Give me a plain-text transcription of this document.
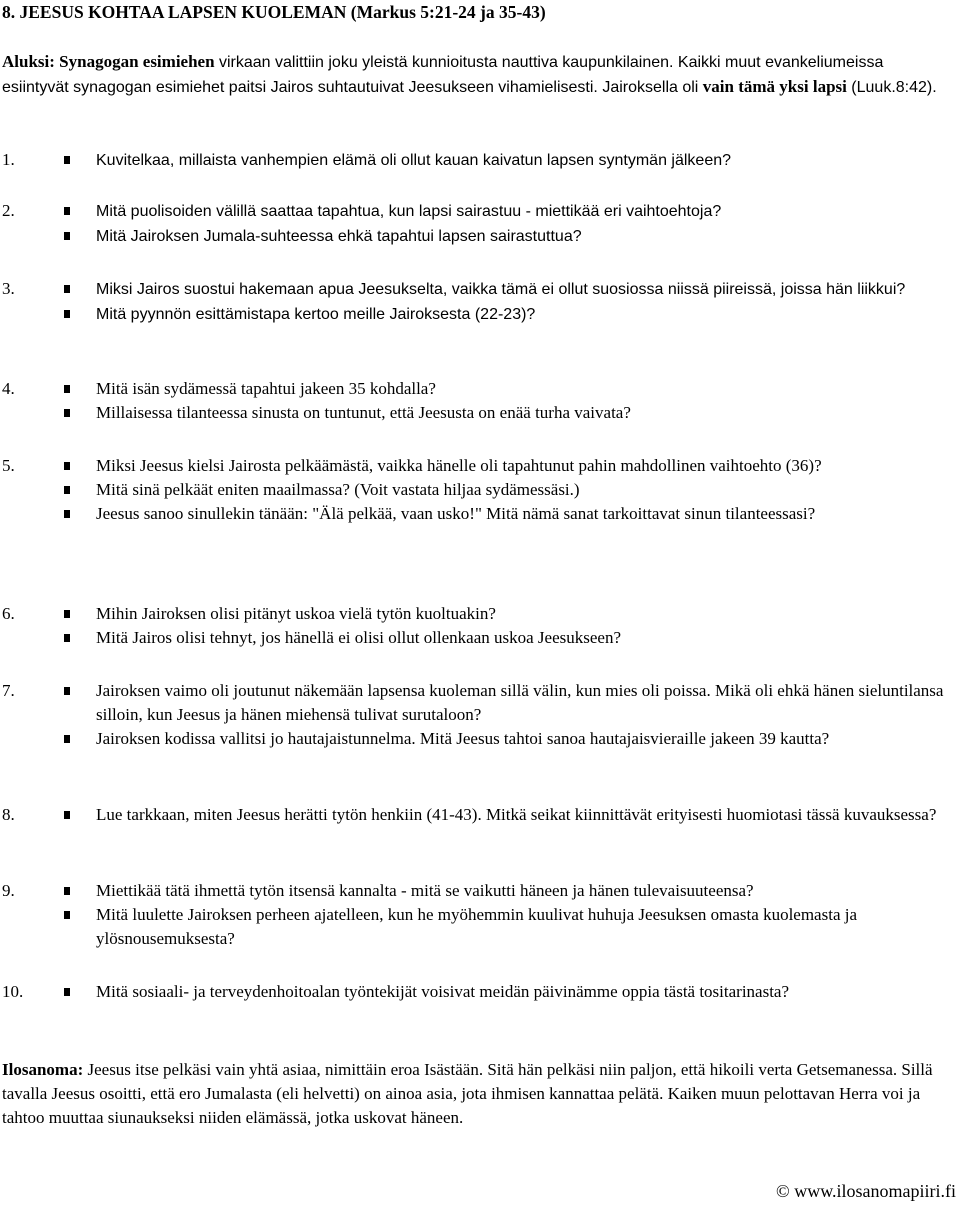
8. JEESUS KOHTAA LAPSEN KUOLEMAN (Markus 5:21-24 ja 35-43)
Aluksi: Synagogan esimiehen virkaan valittiin joku yleistä kunnioitusta nauttiva kaupunkilainen. Kaikki muut evankeliumeissa esiintyvät synagogan esimiehet paitsi Jairos suhtautuivat Jeesukseen vihamielisesti. Jairoksella oli vain tämä yksi lapsi (Luuk.8:42).
1.	Kuvitelkaa, millaista vanhempien elämä oli ollut kauan kaivatun lapsen syntymän jälkeen?
2.	Mitä puolisoiden välillä saattaa tapahtua, kun lapsi sairastuu - miettikää eri vaihtoehtoja?
Mitä Jairoksen Jumala-suhteessa ehkä tapahtui lapsen sairastuttua?
3.	Miksi Jairos suostui hakemaan apua Jeesukselta, vaikka tämä ei ollut suosiossa niissä piireissä, joissa hän liikkui?
Mitä pyynnön esittämistapa kertoo meille Jairoksesta (22-23)?
4.	Mitä isän sydämessä tapahtui jakeen 35 kohdalla?
Millaisessa tilanteessa sinusta on tuntunut, että Jeesusta on enää turha vaivata?
5.	Miksi Jeesus kielsi Jairosta pelkäämästä, vaikka hänelle oli tapahtunut pahin mahdollinen vaihtoehto (36)?
Mitä sinä pelkäät eniten maailmassa? (Voit vastata hiljaa sydämessäsi.)
Jeesus sanoo sinullekin tänään: "Älä pelkää, vaan usko!" Mitä nämä sanat tarkoittavat sinun tilanteessasi?
6.	Mihin Jairoksen olisi pitänyt uskoa vielä tytön kuoltuakin?
Mitä Jairos olisi tehnyt, jos hänellä ei olisi ollut ollenkaan uskoa Jeesukseen?
7.	Jairoksen vaimo oli joutunut näkemään lapsensa kuoleman sillä välin, kun mies oli poissa. Mikä oli ehkä hänen sieluntilansa silloin, kun Jeesus ja hänen miehensä tulivat surutaloon?
Jairoksen kodissa vallitsi jo hautajaistunnelma. Mitä Jeesus tahtoi sanoa hautajaisvieraille jakeen 39 kautta?
8.	Lue tarkkaan, miten Jeesus herätti tytön henkiin (41-43). Mitkä seikat kiinnittävät erityisesti huomiotasi tässä kuvauksessa?
9.	Miettikää tätä ihmettä tytön itsensä kannalta - mitä se vaikutti häneen ja hänen tulevaisuuteensa?
Mitä luulette Jairoksen perheen ajatelleen, kun he myöhemmin kuulivat huhuja Jeesuksen omasta kuolemasta ja ylösnousemuksesta?
10.	Mitä sosiaali- ja terveydenhoitoalan työntekijät voisivat meidän päivinämme oppia tästä tositarinasta?
Ilosanoma: Jeesus itse pelkäsi vain yhtä asiaa, nimittäin eroa Isästään. Sitä hän pelkäsi niin paljon, että hikoili verta Getsemanessa. Sillä tavalla Jeesus osoitti, että ero Jumalasta (eli helvetti) on ainoa asia, jota ihmisen kannattaa pelätä. Kaiken muun pelottavan Herra voi ja tahtoo muuttaa siunaukseksi niiden elämässä, jotka uskovat häneen.
© www.ilosanomapiiri.fi
